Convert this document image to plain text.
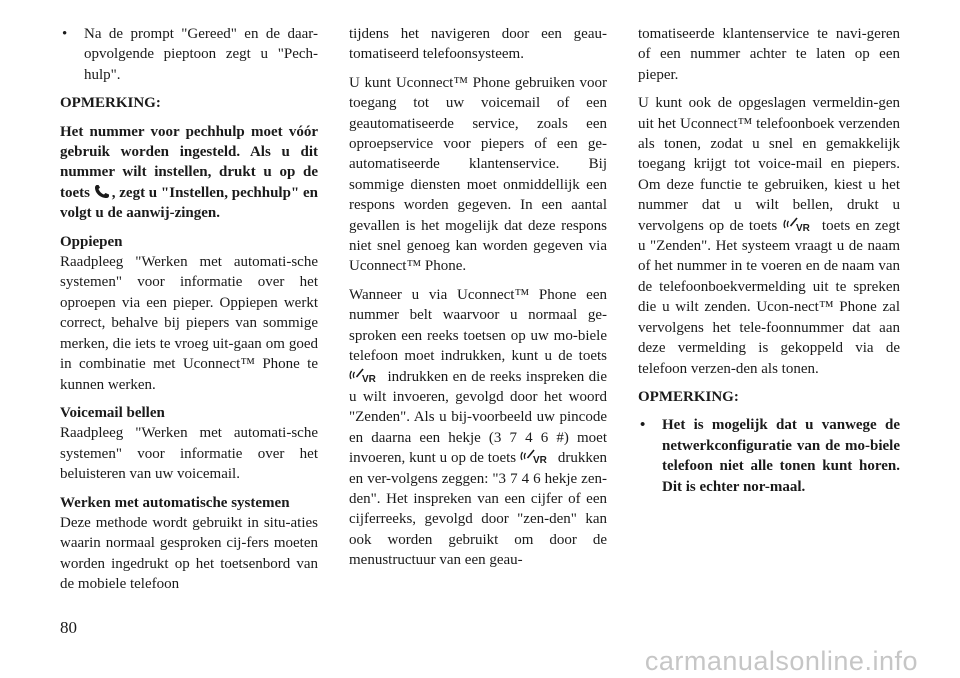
• Na de prompt "Gereed" en de daar-opvolgende pieptoon zegt u "Pech-hulp".

OPMERKING:

Het nummer voor pechhulp moet vóór gebruik worden ingesteld. Als u dit nummer wilt instellen, drukt u op de toets , zegt u "Instellen, pechhulp" en volgt u de aanwij-zingen.

Oppiepen
Raadpleeg "Werken met automati-sche systemen" voor informatie over het oproepen via een pieper. Oppiepen werkt correct, behalve bij piepers van sommige merken, die iets te vroeg uit-gaan om goed in combinatie met Uconnect™ Phone te kunnen werken.

Voicemail bellen
Raadpleeg "Werken met automati-sche systemen" voor informatie over het beluisteren van uw voicemail.

Werken met automatische systemen
Deze methode wordt gebruikt in situ-aties waarin normaal gesproken cij-fers moeten worden ingedrukt op het toetsenbord van de mobiele telefoon

tijdens het navigeren door een geau-tomatiseerd telefoonsysteem.

U kunt Uconnect™ Phone gebruiken voor toegang tot uw voicemail of een geautomatiseerde service, zoals een oproepservice voor piepers of een ge-automatiseerde klantenservice. Bij sommige diensten moet onmiddellijk een respons worden gegeven. In een aantal gevallen is het mogelijk dat deze respons niet snel genoeg kan worden gegeven via Uconnect™ Phone.

Wanneer u via Uconnect™ Phone een nummer belt waarvoor u normaal ge-sproken een reeks toetsen op uw mo-biele telefoon moet indrukken, kunt u de toets
VR indrukken en de reeks inspreken die u wilt invoeren, gevolgd door het woord "Zenden". Als u bij-voorbeeld uw pincode en daarna een hekje (3 7 4 6 #) moet invoeren, kunt u op de toets VR drukken en ver-volgens zeggen: "3 7 4 6 hekje zen-den". Het inspreken van een cijfer of een cijferreeks, gevolgd door "zen-den" kan ook worden gebruikt om door de menustructuur van een geau-

tomatiseerde klantenservice te navi-geren of een nummer achter te laten op een pieper.

U kunt ook de opgeslagen vermeldin-gen uit het Uconnect™ telefoonboek verzenden als tonen, zodat u snel en gemakkelijk toegang krijgt tot voice-mail en piepers. Om deze functie te gebruiken, kiest u het nummer dat u wilt bellen, drukt u vervolgens op de toets VR toets en zegt u "Zenden". Het systeem vraagt u de naam of het nummer in te voeren en de naam van de telefoonboekvermelding uit te spreken die u wilt zenden. Ucon-nect™ Phone zal vervolgens het tele-foonnummer dat aan deze vermelding is gekoppeld via de telefoon verzen-den als tonen.

OPMERKING:

• Het is mogelijk dat u vanwege de netwerkconfiguratie van de mo-biele telefoon niet alle tonen kunt horen. Dit is echter nor-maal.

80
carmanualsonline.info
